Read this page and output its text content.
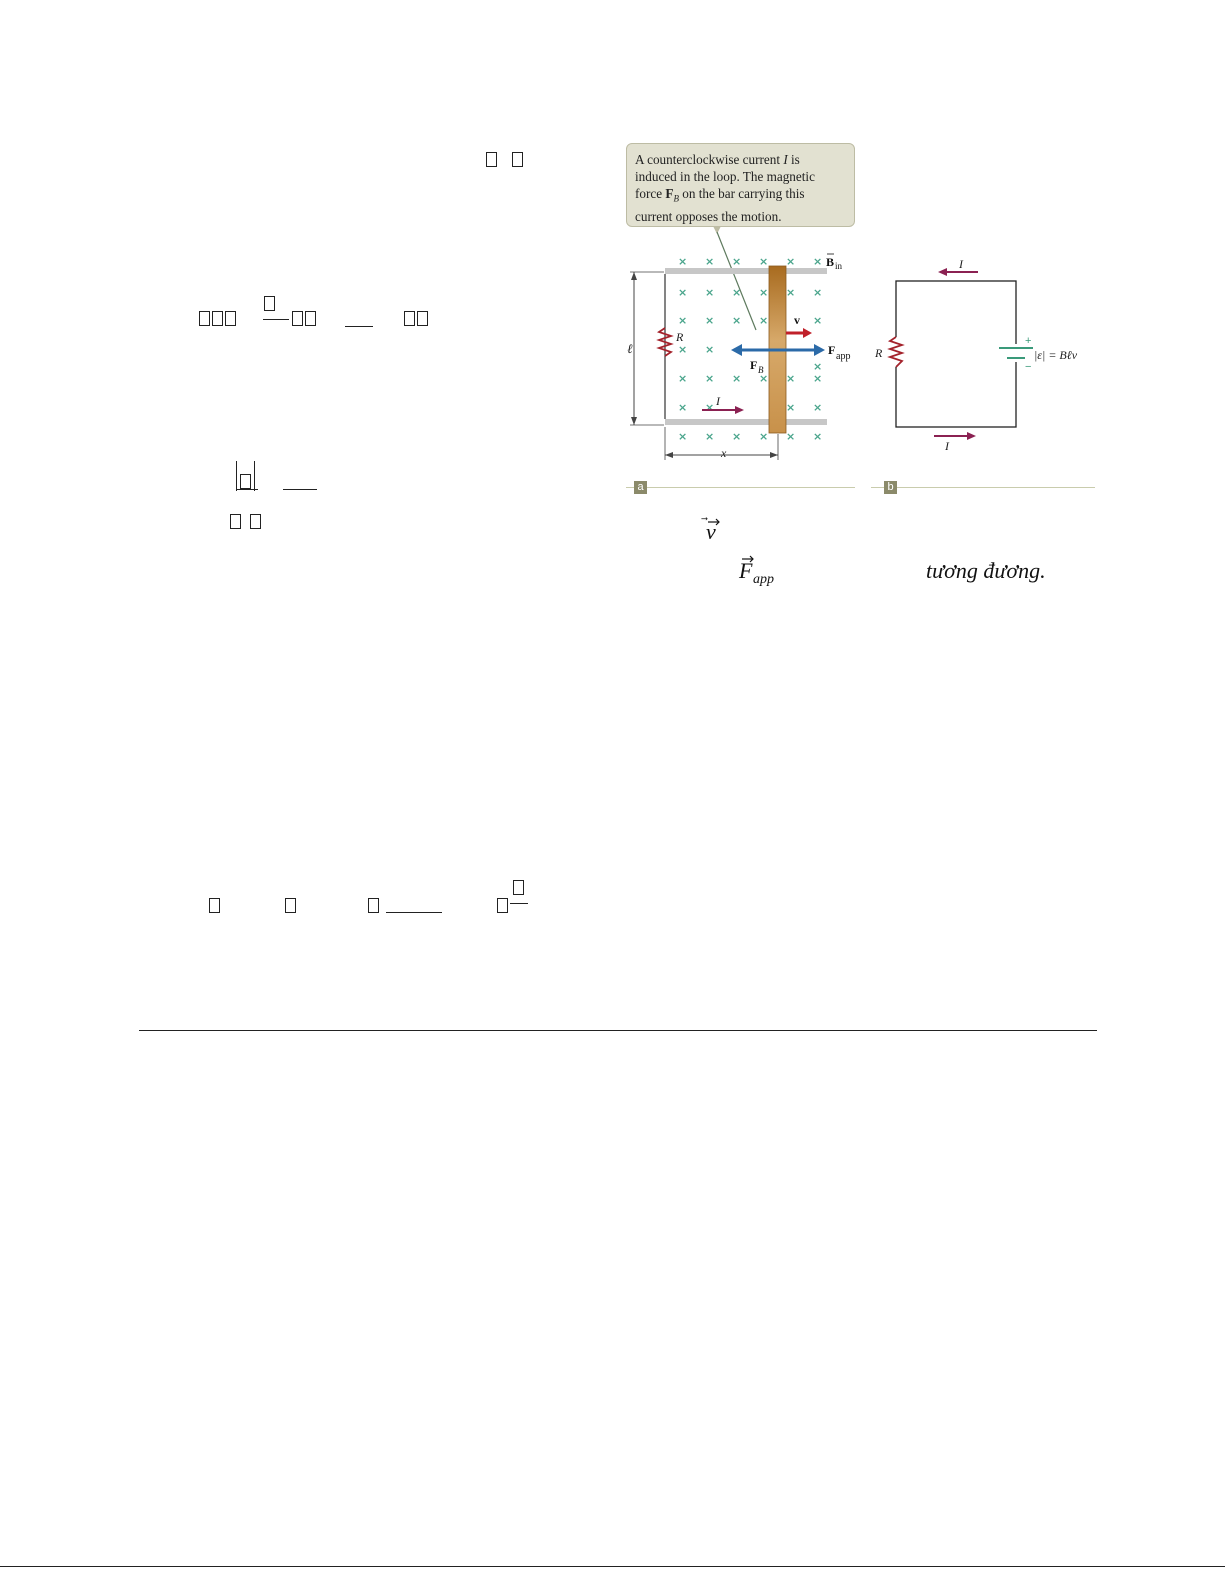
A counterclockwise current I is
induced in the loop. The magnetic
force $F_B$ on the bar carrying this
current opposes the motion.
R
ℓ
× × × × × ×
× × × × × ×
× × × ×	×
× ×
×
× × × × × ×
× ×	× ×
× × × × × ×
B in
v
F B
F app
I
x
R
+
−
|ε| = Bℓv
I
I
a	b
v
F app	tương đương.
